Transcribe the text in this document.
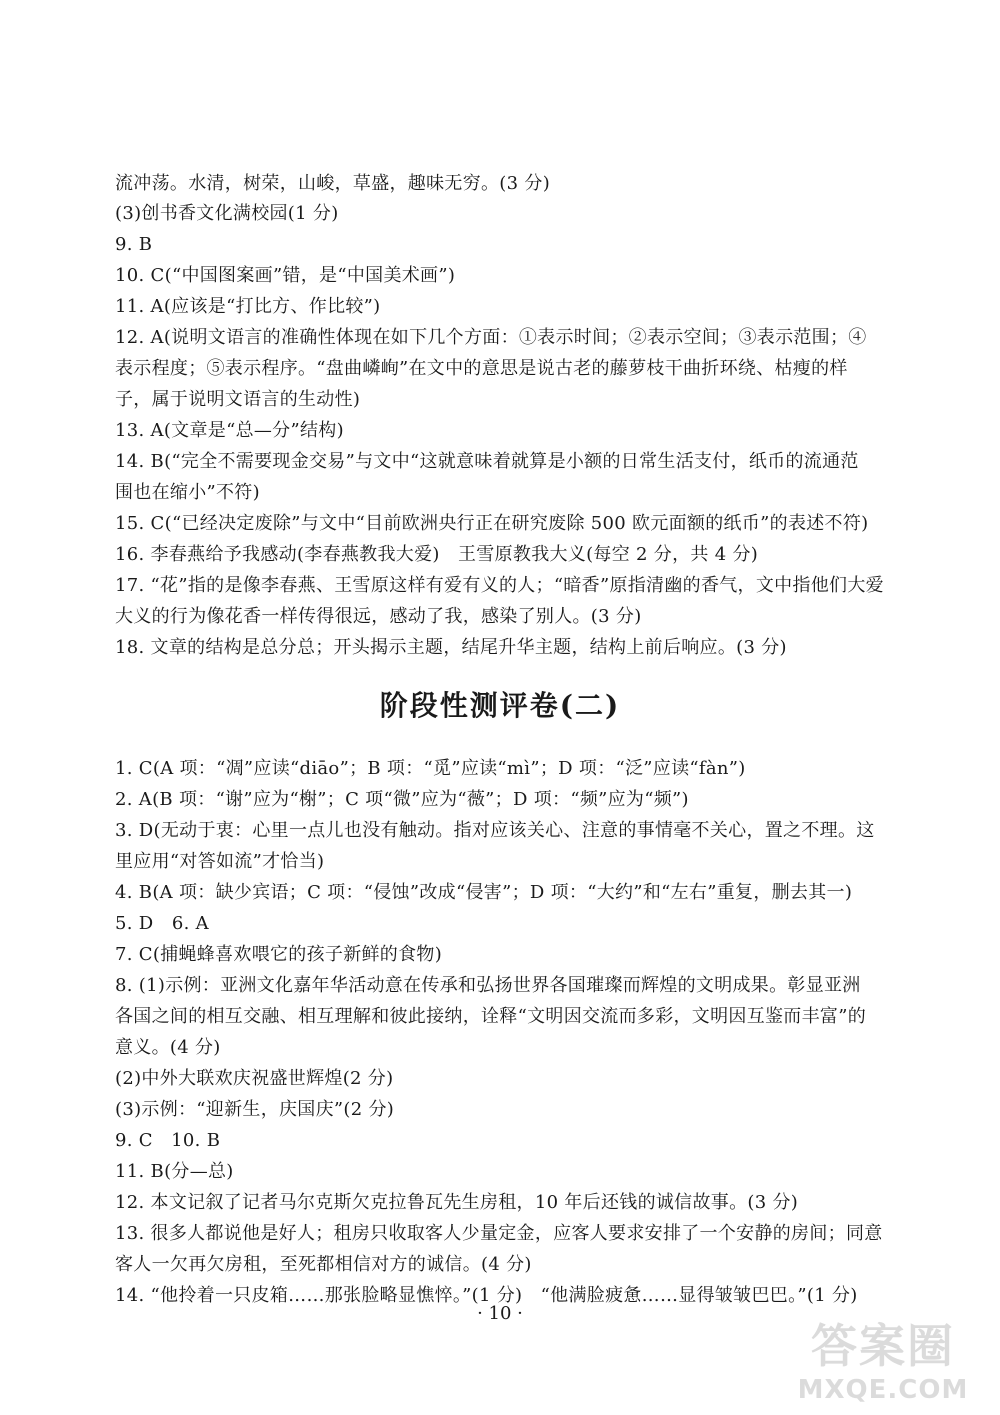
流冲荡。水清，树荣，山峻，草盛，趣味无穷。(3 分)
(3)创书香文化满校园(1 分)
9. B
10. C(“中国图案画”错，是“中国美术画”)
11. A(应该是“打比方、作比较”)
12. A(说明文语言的准确性体现在如下几个方面：①表示时间；②表示空间；③表示范围；④
表示程度；⑤表示程序。“盘曲嶙峋”在文中的意思是说古老的藤萝枝干曲折环绕、枯瘦的样
子，属于说明文语言的生动性)
13. A(文章是“总—分”结构)
14. B(“完全不需要现金交易”与文中“这就意味着就算是小额的日常生活支付，纸币的流通范
围也在缩小”不符)
15. C(“已经决定废除”与文中“目前欧洲央行正在研究废除 500 欧元面额的纸币”的表述不符)
16. 李春燕给予我感动(李春燕教我大爱)　王雪原教我大义(每空 2 分，共 4 分)
17. “花”指的是像李春燕、王雪原这样有爱有义的人；“暗香”原指清幽的香气，文中指他们大爱
大义的行为像花香一样传得很远，感动了我，感染了别人。(3 分)
18. 文章的结构是总分总；开头揭示主题，结尾升华主题，结构上前后响应。(3 分)
阶段性测评卷(二)
1. C(A 项：“凋”应读“diāo”；B 项：“觅”应读“mì”；D 项：“泛”应读“fàn”)
2. A(B 项：“谢”应为“榭”；C 项“微”应为“薇”；D 项：“频”应为“频”)
3. D(无动于衷：心里一点儿也没有触动。指对应该关心、注意的事情毫不关心，置之不理。这
里应用“对答如流”才恰当)
4. B(A 项：缺少宾语；C 项：“侵蚀”改成“侵害”；D 项：“大约”和“左右”重复，删去其一)
5. D　6. A
7. C(捕蝇蜂喜欢喂它的孩子新鲜的食物)
8. (1)示例：亚洲文化嘉年华活动意在传承和弘扬世界各国璀璨而辉煌的文明成果。彰显亚洲
各国之间的相互交融、相互理解和彼此接纳，诠释“文明因交流而多彩，文明因互鉴而丰富”的
意义。(4 分)
(2)中外大联欢庆祝盛世辉煌(2 分)
(3)示例：“迎新生，庆国庆”(2 分)
9. C　10. B
11. B(分—总)
12. 本文记叙了记者马尔克斯欠克拉鲁瓦先生房租，10 年后还钱的诚信故事。(3 分)
13. 很多人都说他是好人；租房只收取客人少量定金，应客人要求安排了一个安静的房间；同意
客人一欠再欠房租，至死都相信对方的诚信。(4 分)
14. “他拎着一只皮箱……那张脸略显憔悴。”(1 分)　“他满脸疲惫……显得皱皱巴巴。”(1 分)
· 10 ·
答案圈
MXQE.COM
